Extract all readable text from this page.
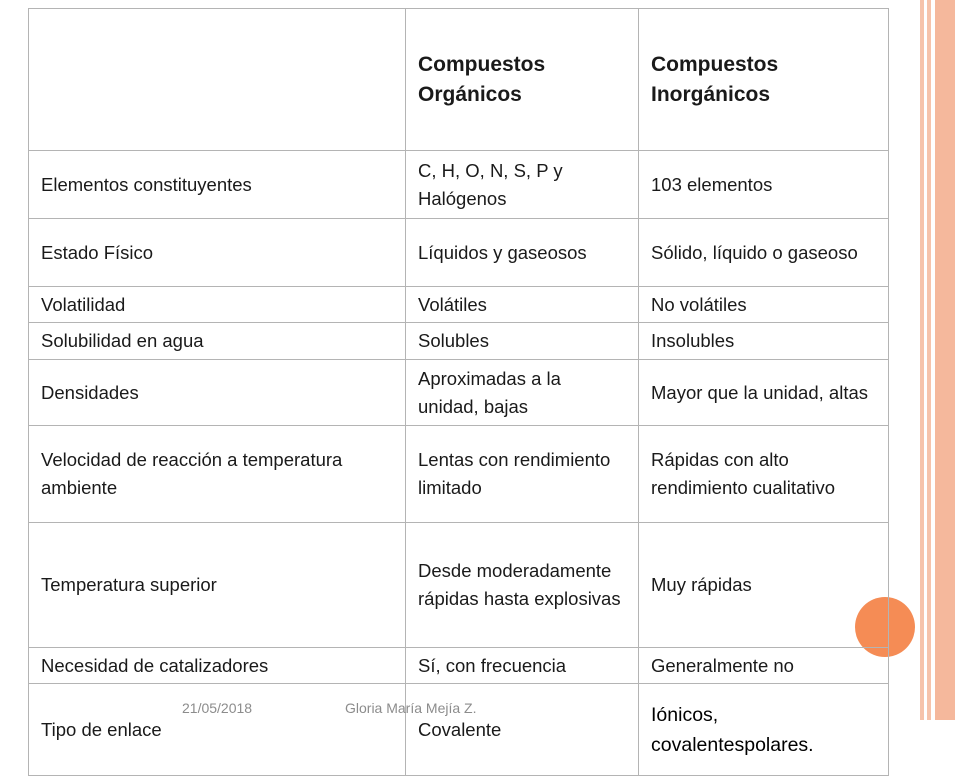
	Compuestos Orgánicos	Compuestos Inorgánicos
Elementos constituyentes	C, H, O, N, S, P y Halógenos	103 elementos
Estado Físico	Líquidos y gaseosos	Sólido, líquido o gaseoso
Volatilidad	Volátiles	No volátiles
Solubilidad en agua	Solubles	Insolubles
Densidades	Aproximadas a la unidad, bajas	Mayor que la unidad, altas
Velocidad de reacción a temperatura ambiente	Lentas con rendimiento limitado	Rápidas con alto rendimiento cualitativo
Temperatura superior	Desde moderadamente rápidas hasta explosivas	Muy rápidas
Necesidad de catalizadores	Sí, con frecuencia	Generalmente no
Tipo de enlace	Covalente	Iónicos, covalentespolares.
21/05/2018	Gloria María Mejía Z.
